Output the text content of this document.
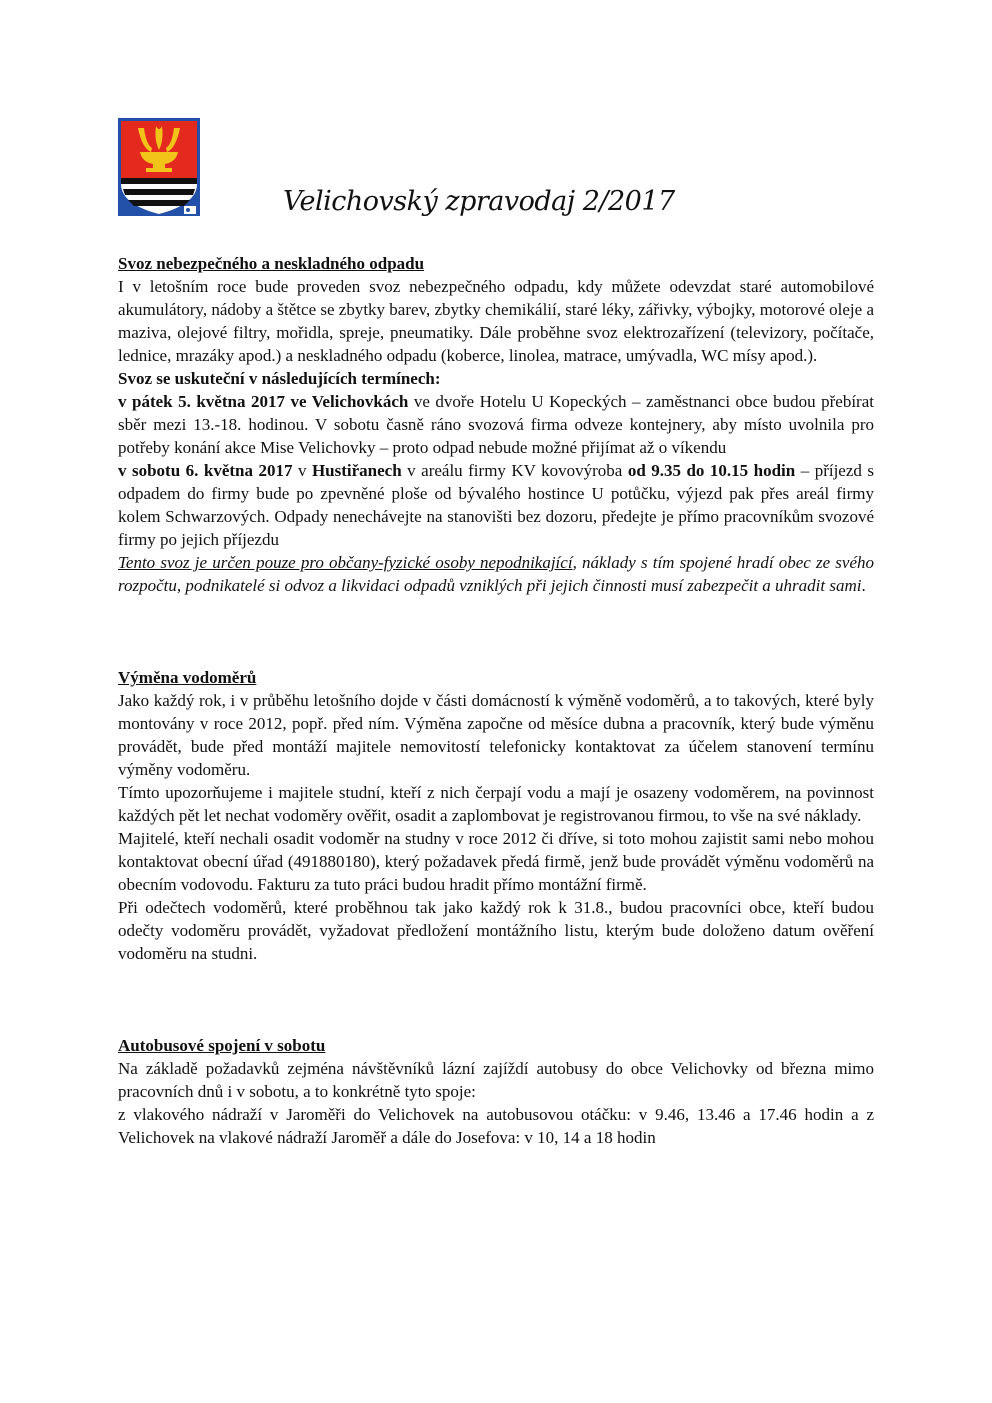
Velichovský zpravodaj 2/2017

Svoz nebezpečného a neskladného odpadu

I v letošním roce bude proveden svoz nebezpečného odpadu, kdy můžete odevzdat staré automobilové akumulátory, nádoby a štětce se zbytky barev, zbytky chemikálií, staré léky, zářivky, výbojky, motorové oleje a maziva, olejové filtry, mořidla, spreje, pneumatiky. Dále proběhne svoz elektrozařízení (televizory, počítače, lednice, mrazáky apod.) a neskladného odpadu (koberce, linolea, matrace, umývadla, WC mísy apod.).

Svoz se uskuteční v následujících termínech:

v pátek 5. května 2017 ve Velichovkách ve dvoře Hotelu U Kopeckých – zaměstnanci obce budou přebírat sběr mezi 13.-18. hodinou. V sobotu časně ráno svozová firma odveze kontejnery, aby místo uvolnila pro potřeby konání akce Mise Velichovky – proto odpad nebude možné přijímat až o víkendu

v sobotu 6. května 2017 v Hustiřanech v areálu firmy KV kovovýroba od 9.35 do 10.15 hodin – příjezd s odpadem do firmy bude po zpevněné ploše od bývalého hostince U potůčku, výjezd pak přes areál firmy kolem Schwarzových. Odpady nenechávejte na stanovišti bez dozoru, předejte je přímo pracovníkům svozové firmy po jejich příjezdu

Tento svoz je určen pouze pro občany-fyzické osoby nepodnikající, náklady s tím spojené hradí obec ze svého rozpočtu, podnikatelé si odvoz a likvidaci odpadů vzniklých při jejich činnosti musí zabezpečit a uhradit sami.

Výměna vodoměrů

Jako každý rok, i v průběhu letošního dojde v části domácností k výměně vodoměrů, a to takových, které byly montovány v roce 2012, popř. před ním. Výměna započne od měsíce dubna a pracovník, který bude výměnu provádět, bude před montáží majitele nemovitostí telefonicky kontaktovat za účelem stanovení termínu výměny vodoměru.

Tímto upozorňujeme i majitele studní, kteří z nich čerpají vodu a mají je osazeny vodoměrem, na povinnost každých pět let nechat vodoměry ověřit, osadit a zaplombovat je registrovanou firmou, to vše na své náklady.

Majitelé, kteří nechali osadit vodoměr na studny v roce 2012 či dříve, si toto mohou zajistit sami nebo mohou kontaktovat obecní úřad (491880180), který požadavek předá firmě, jenž bude provádět výměnu vodoměrů na obecním vodovodu. Fakturu za tuto práci budou hradit přímo montážní firmě.

Při odečtech vodoměrů, které proběhnou tak jako každý rok k 31.8., budou pracovníci obce, kteří budou odečty vodoměru provádět, vyžadovat předložení montážního listu, kterým bude doloženo datum ověření vodoměru na studni.

Autobusové spojení v sobotu

Na základě požadavků zejména návštěvníků lázní zajíždí autobusy do obce Velichovky od března mimo pracovních dnů i v sobotu, a to konkrétně tyto spoje:

z vlakového nádraží v Jaroměři do Velichovek na autobusovou otáčku: v 9.46, 13.46 a 17.46 hodin a z Velichovek na vlakové nádraží Jaroměř a dále do Josefova: v 10, 14 a 18 hodin
